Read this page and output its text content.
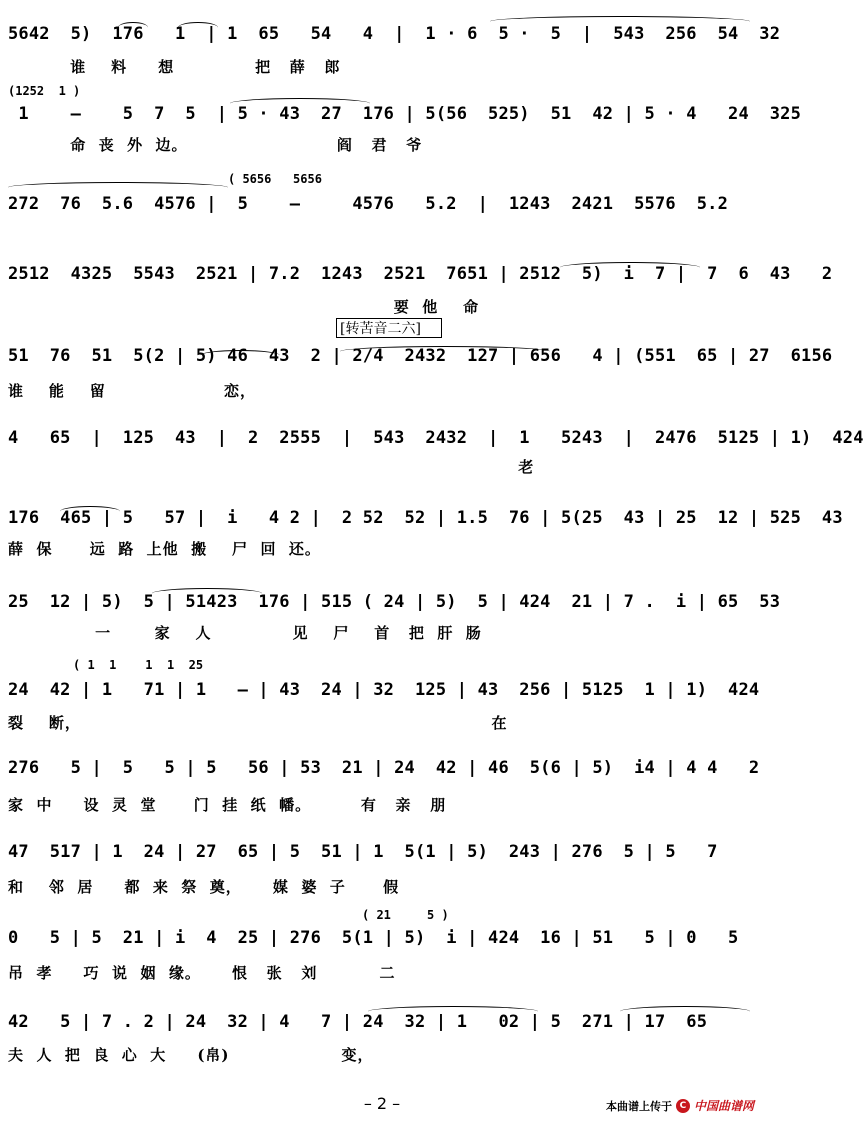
5642  5)  176   1  | 1  65   54   4  |  1 · 6  5 ·  5  |  543  256  54  32
谁    料     想             把   薛   郎
(1252  1 )
1    —    5  7  5  | 5 · 43  27  176 | 5(56  525)  51  42 | 5 · 4   24  325
命  丧  外  边。                        阎   君   爷
( 5656   5656
272  76  5.6  4576 |  5    —     4576   5.2  |  1243  2421  5576  5.2
2512  4325  5543  2521 | 7.2  1243  2521  7651 | 2512  5)  i  7 |  7  6  43   2
要  他    命
[转苦音二六]
51  76  51  5(2 | 5) 46  43  2 | 2/4  2432  127 | 656   4 | (551  65 | 27  6156
谁    能    留                   恋，
4   65  |  125  43  |  2  2555  |  543  2432  |  1   5243  |  2476  5125 | 1)  424
老
176  465 | 5   57 |  i   4 2 |  2 52  52 | 1.5  76 | 5(25  43 | 25  12 | 525  43
薛  保      远  路  上他  搬    尸  回  还。
25  12 | 5)  5 | 51423  176 | 515 ( 24 | 5)  5 | 424  21 | 7 .  i | 65  53
一       家    人             见    尸    首   把  肝  肠
( 1  1    1  1  25
24  42 | 1   71 | 1   — | 43  24 | 32  125 | 43  256 | 5125  1 | 1)  424
裂    断，                                                                  在
276   5 |  5   5 | 5   56 | 53  21 | 24  42 | 46  5(6 | 5)  i4 | 4 4   2
家  中     设  灵  堂      门  挂  纸  幡。        有   亲   朋
47  517 | 1  24 | 27  65 | 5  51 | 1  5(1 | 5)  243 | 276  5 | 5   7
和    邻  居     都  来  祭  奠，     媒  婆  子      假
( 21     5 )
0   5 | 5  21 | i  4  25 | 276  5(1 | 5)  i | 424  16 | 51   5 | 0   5
吊  孝     巧  说  姻  缘。     恨   张   刘          二
42   5 | 7 . 2 | 24  32 | 4   7 | 24  32 | 1   02 | 5  271 | 17  65
夫  人  把  良  心  大     (帛)                  变，
– 2 –	本曲谱上传于 C 中国曲谱网
